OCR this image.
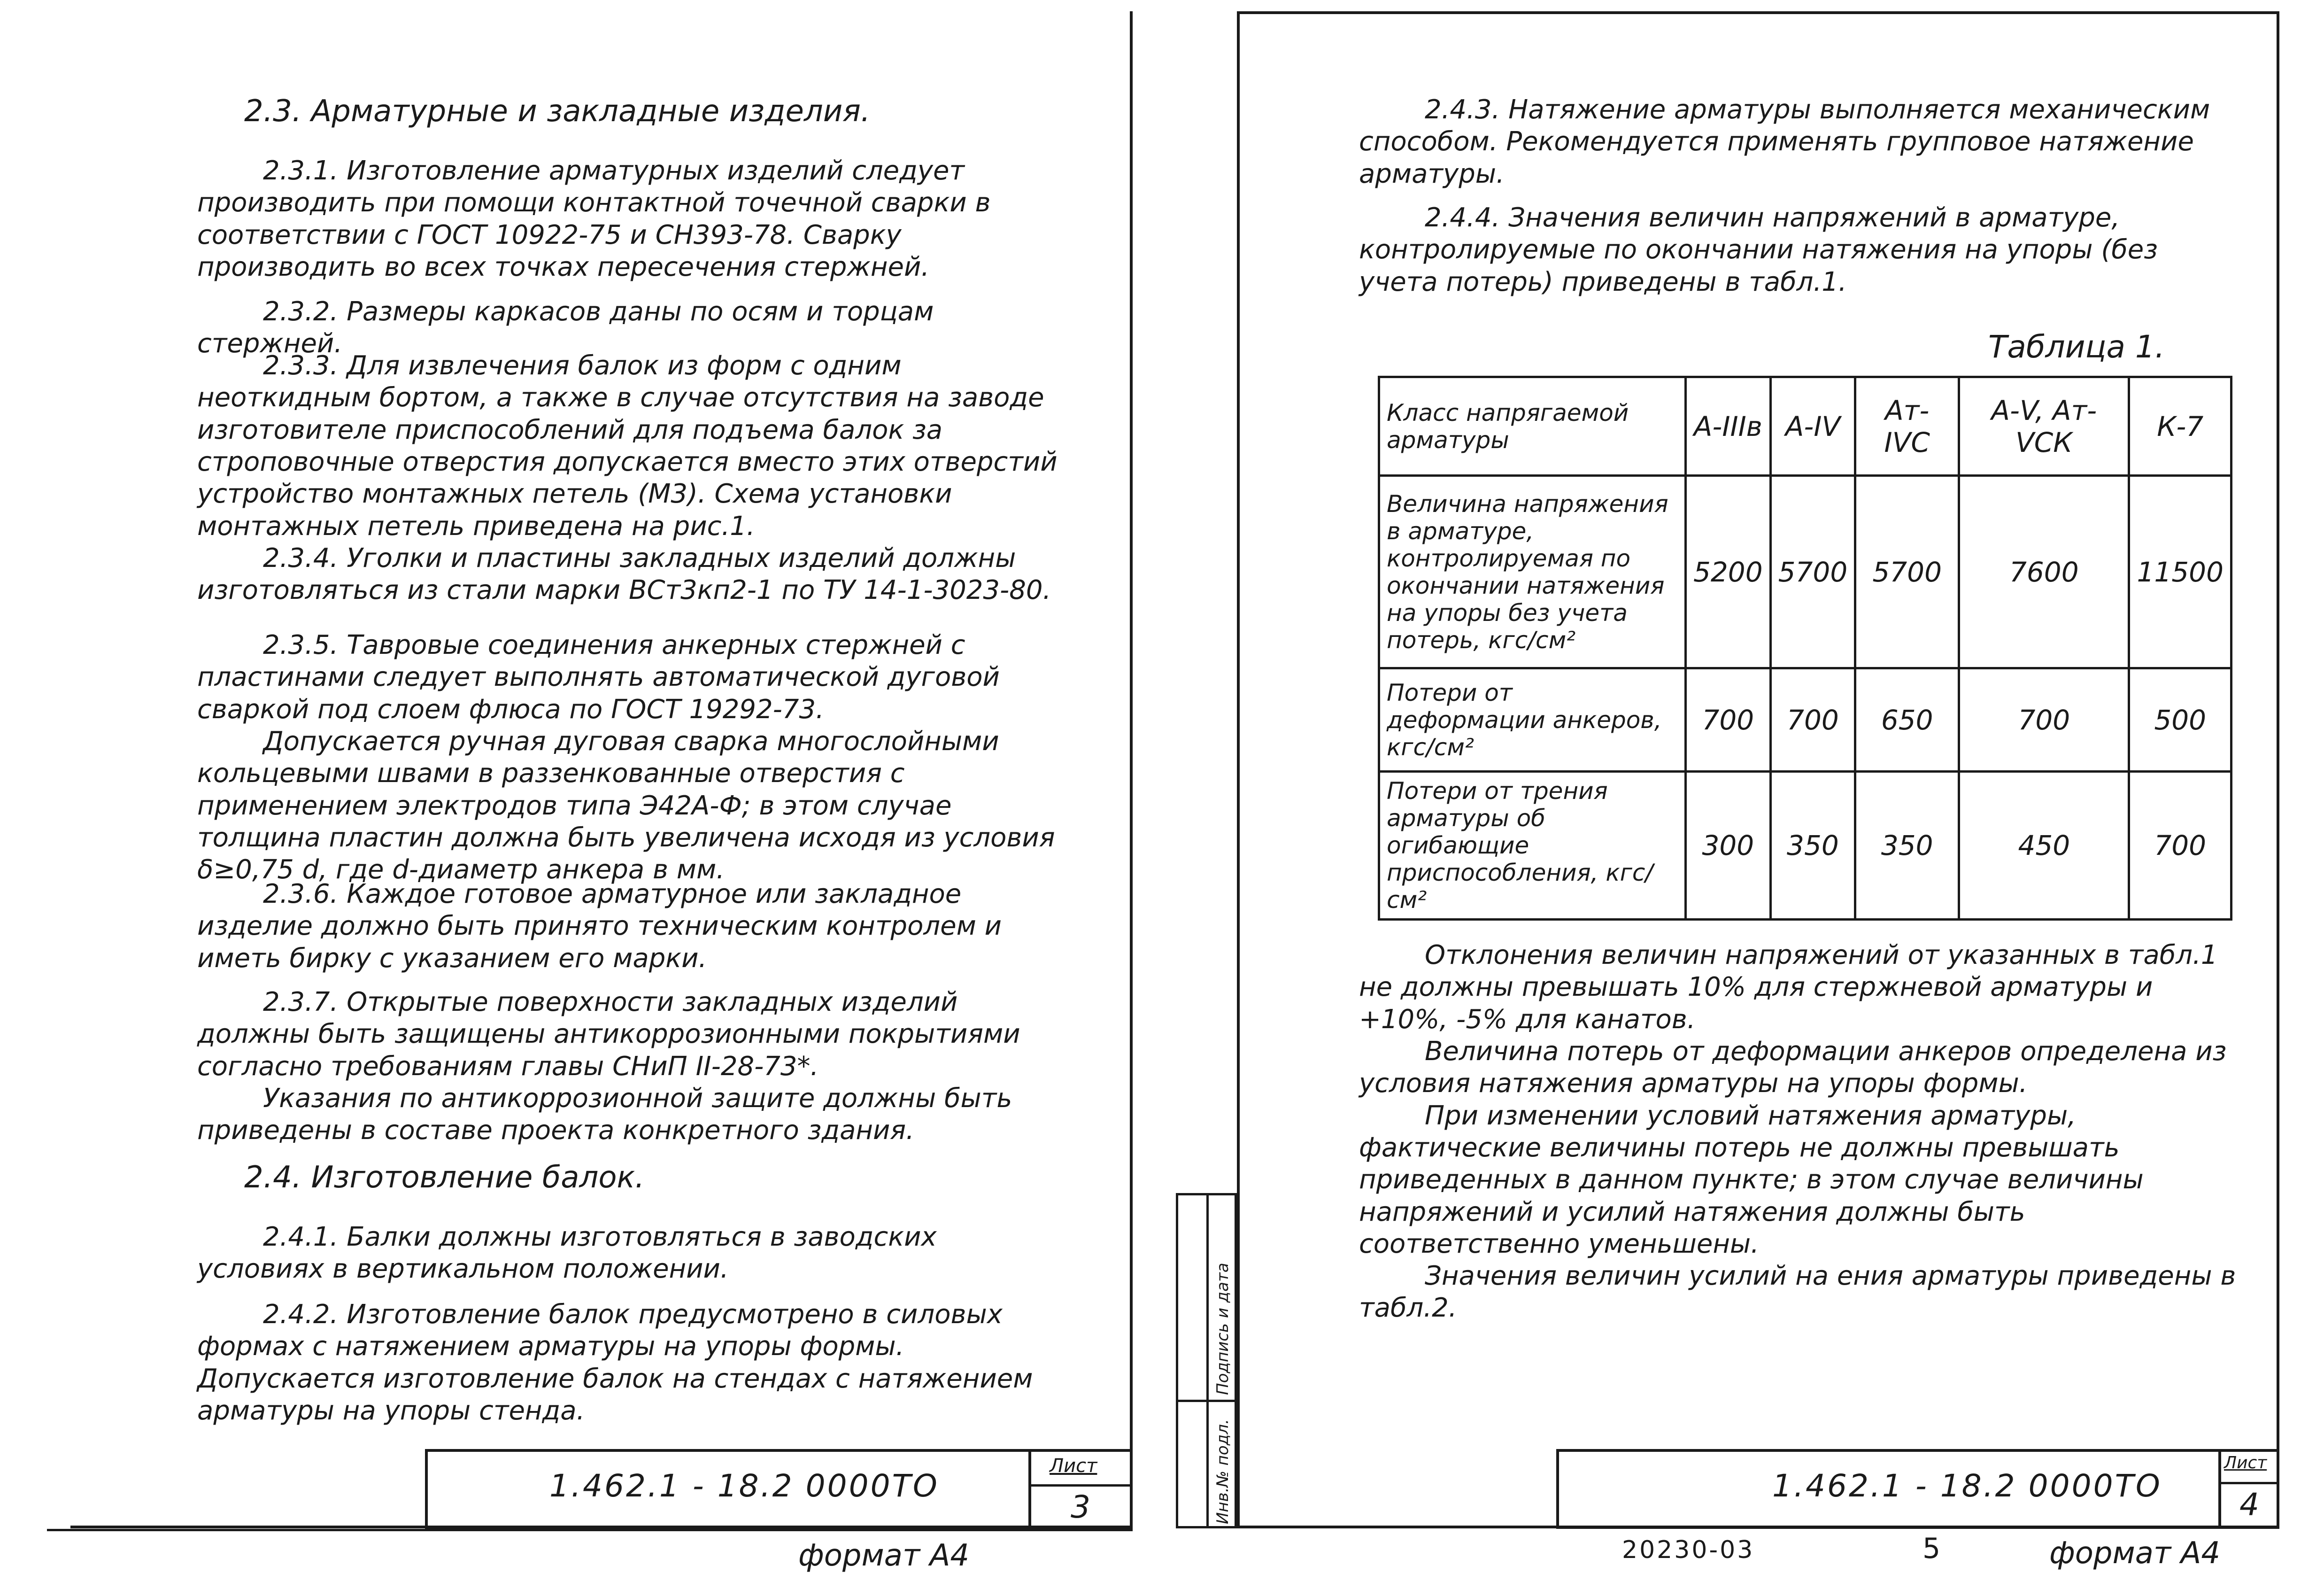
2.3. Арматурные и закладные изделия.

2.3.1. Изготовление арматурных изделий следует производить при помощи контактной точечной сварки в соответствии с ГОСТ 10922-75 и СН393-78. Сварку производить во всех точках пересечения стержней.

2.3.2. Размеры каркасов даны по осям и торцам стержней.

2.3.3. Для извлечения балок из форм с одним неоткидным бортом, а также в случае отсутствия на заводе изготовителе приспособлений для подъема балок за строповочные отверстия допускается вместо этих отверстий устройство монтажных петель (М3). Схема установки монтажных петель приведена на рис.1.

2.3.4. Уголки и пластины закладных изделий должны изготовляться из стали марки ВСт3кп2-1 по ТУ 14-1-3023-80.

2.3.5. Тавровые соединения анкерных стержней с пластинами следует выполнять автоматической дуговой сваркой под слоем флюса по ГОСТ 19292-73.

Допускается ручная дуговая сварка многослойными кольцевыми швами в раззенкованные отверстия с применением электродов типа Э42А-Ф; в этом случае толщина пластин должна быть увеличена исходя из условия δ≥0,75 d, где d-диаметр анкера в мм.

2.3.6. Каждое готовое арматурное или закладное изделие должно быть принято техническим контролем и иметь бирку с указанием его марки.

2.3.7. Открытые поверхности закладных изделий должны быть защищены антикоррозионными покрытиями согласно требованиям главы СНиП II-28-73*.

Указания по антикоррозионной защите должны быть приведены в составе проекта конкретного здания.

2.4. Изготовление балок.

2.4.1. Балки должны изготовляться в заводских условиях в вертикальном положении.

2.4.2. Изготовление балок предусмотрено в силовых формах с натяжением арматуры на упоры формы. Допускается изготовление балок на стендах с натяжением арматуры на упоры стенда.

1.462.1 - 18.2 0000ТО
Лист
3
формат А4

2.4.3. Натяжение арматуры выполняется механическим способом. Рекомендуется применять групповое натяжение арматуры.

2.4.4. Значения величин напряжений в арматуре, контролируемые по окончании натяжения на упоры (без учета потерь) приведены в табл.1.

Таблица 1.
Класс напрягаемой арматуры	А-IIIв	А-IV	Ат-IVС	А-V, Ат-VСК	К-7
Величина напряжения в арматуре, контролируемая по окончании натяжения на упоры без учета потерь, кгс/см²	5200	5700	5700	7600	11500
Потери от деформации анкеров, кгс/см²	700	700	650	700	500
Потери от трения арматуры об огибающие приспособления, кгс/см²	300	350	350	450	700

Отклонения величин напряжений от указанных в табл.1 не должны превышать 10% для стержневой арматуры и +10%, -5% для канатов.

Величина потерь от деформации анкеров определена из условия натяжения арматуры на упоры формы.

При изменении условий натяжения арматуры, фактические величины потерь не должны превышать приведенных в данном пункте; в этом случае величины напряжений и усилий натяжения должны быть соответственно уменьшены.

Значения величин усилий на ения арматуры приведены в табл.2.

Инв.№ подл.
Подпись и дата
1.462.1 - 18.2 0000ТО
Лист
4
20230-03	5	формат А4
